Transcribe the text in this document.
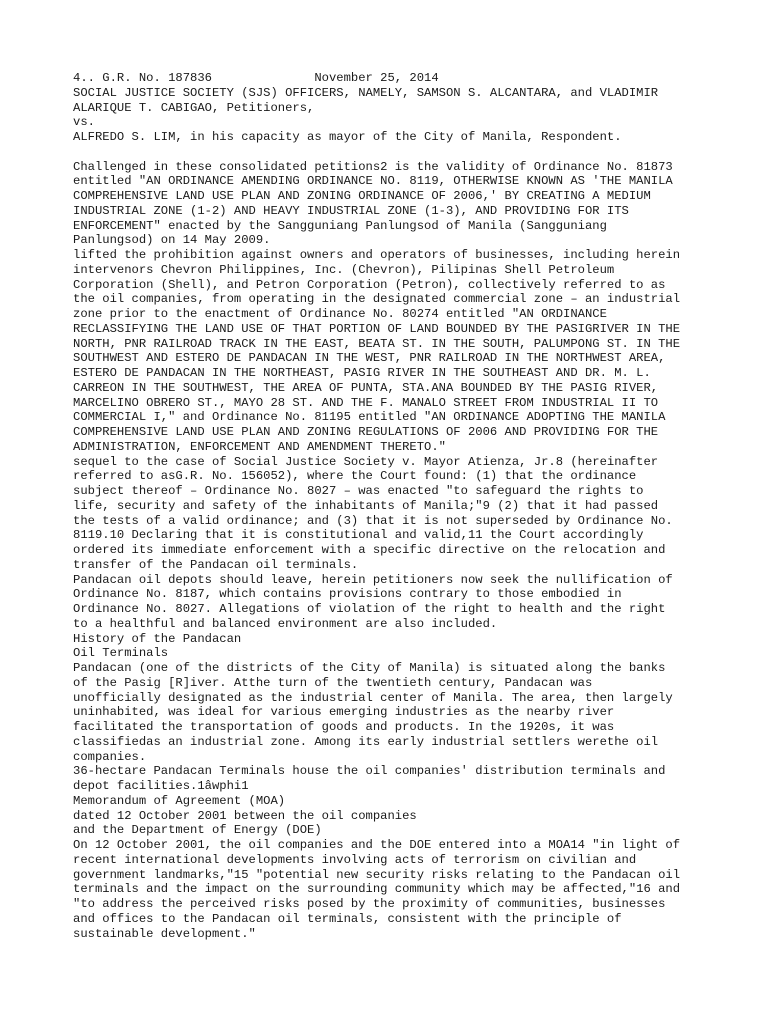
4.. G.R. No. 187836              November 25, 2014
SOCIAL JUSTICE SOCIETY (SJS) OFFICERS, NAMELY, SAMSON S. ALCANTARA, and VLADIMIR
ALARIQUE T. CABIGAO, Petitioners,
vs.
ALFREDO S. LIM, in his capacity as mayor of the City of Manila, Respondent.
Challenged in these consolidated petitions2 is the validity of Ordinance No. 81873
entitled "AN ORDINANCE AMENDING ORDINANCE NO. 8119, OTHERWISE KNOWN AS 'THE MANILA
COMPREHENSIVE LAND USE PLAN AND ZONING ORDINANCE OF 2006,' BY CREATING A MEDIUM
INDUSTRIAL ZONE (1-2) AND HEAVY INDUSTRIAL ZONE (1-3), AND PROVIDING FOR ITS
ENFORCEMENT" enacted by the Sangguniang Panlungsod of Manila (Sangguniang
Panlungsod) on 14 May 2009.
lifted the prohibition against owners and operators of businesses, including herein
intervenors Chevron Philippines, Inc. (Chevron), Pilipinas Shell Petroleum
Corporation (Shell), and Petron Corporation (Petron), collectively referred to as
the oil companies, from operating in the designated commercial zone – an industrial
zone prior to the enactment of Ordinance No. 80274 entitled "AN ORDINANCE
RECLASSIFYING THE LAND USE OF THAT PORTION OF LAND BOUNDED BY THE PASIGRIVER IN THE
NORTH, PNR RAILROAD TRACK IN THE EAST, BEATA ST. IN THE SOUTH, PALUMPONG ST. IN THE
SOUTHWEST AND ESTERO DE PANDACAN IN THE WEST, PNR RAILROAD IN THE NORTHWEST AREA,
ESTERO DE PANDACAN IN THE NORTHEAST, PASIG RIVER IN THE SOUTHEAST AND DR. M. L.
CARREON IN THE SOUTHWEST, THE AREA OF PUNTA, STA.ANA BOUNDED BY THE PASIG RIVER,
MARCELINO OBRERO ST., MAYO 28 ST. AND THE F. MANALO STREET FROM INDUSTRIAL II TO
COMMERCIAL I," and Ordinance No. 81195 entitled "AN ORDINANCE ADOPTING THE MANILA
COMPREHENSIVE LAND USE PLAN AND ZONING REGULATIONS OF 2006 AND PROVIDING FOR THE
ADMINISTRATION, ENFORCEMENT AND AMENDMENT THERETO."
sequel to the case of Social Justice Society v. Mayor Atienza, Jr.8 (hereinafter
referred to asG.R. No. 156052), where the Court found: (1) that the ordinance
subject thereof – Ordinance No. 8027 – was enacted "to safeguard the rights to
life, security and safety of the inhabitants of Manila;"9 (2) that it had passed
the tests of a valid ordinance; and (3) that it is not superseded by Ordinance No.
8119.10 Declaring that it is constitutional and valid,11 the Court accordingly
ordered its immediate enforcement with a specific directive on the relocation and
transfer of the Pandacan oil terminals.
Pandacan oil depots should leave, herein petitioners now seek the nullification of
Ordinance No. 8187, which contains provisions contrary to those embodied in
Ordinance No. 8027. Allegations of violation of the right to health and the right
to a healthful and balanced environment are also included.
History of the Pandacan
Oil Terminals
Pandacan (one of the districts of the City of Manila) is situated along the banks
of the Pasig [R]iver. Atthe turn of the twentieth century, Pandacan was
unofficially designated as the industrial center of Manila. The area, then largely
uninhabited, was ideal for various emerging industries as the nearby river
facilitated the transportation of goods and products. In the 1920s, it was
classifiedas an industrial zone. Among its early industrial settlers werethe oil
companies.
36-hectare Pandacan Terminals house the oil companies' distribution terminals and
depot facilities.1âwphi1
Memorandum of Agreement (MOA)
dated 12 October 2001 between the oil companies
and the Department of Energy (DOE)
On 12 October 2001, the oil companies and the DOE entered into a MOA14 "in light of
recent international developments involving acts of terrorism on civilian and
government landmarks,"15 "potential new security risks relating to the Pandacan oil
terminals and the impact on the surrounding community which may be affected,"16 and
"to address the perceived risks posed by the proximity of communities, businesses
and offices to the Pandacan oil terminals, consistent with the principle of
sustainable development."
